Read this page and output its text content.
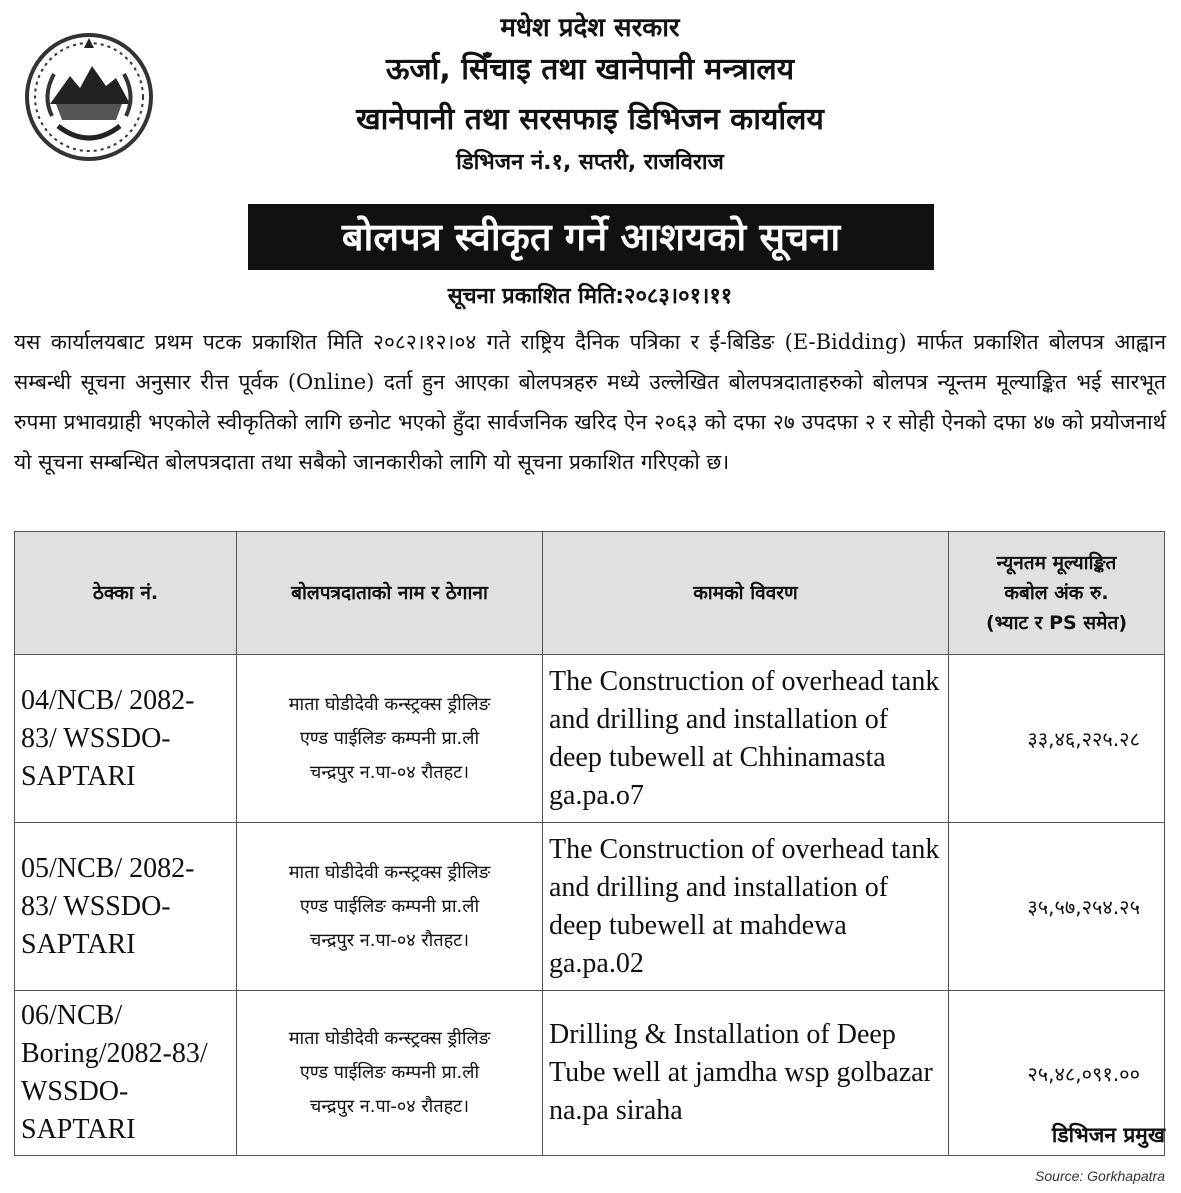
मधेश प्रदेश सरकार
ऊर्जा, सिँचाइ तथा खानेपानी मन्त्रालय
खानेपानी तथा सरसफाइ डिभिजन कार्यालय
डिभिजन नं.१, सप्तरी, राजविराज
बोलपत्र स्वीकृत गर्ने आशयको सूचना
सूचना प्रकाशित मिति:२०८३।०१।११

यस कार्यालयबाट प्रथम पटक प्रकाशित मिति २०८२।१२।०४ गते राष्ट्रिय दैनिक पत्रिका र ई-बिडिङ (E-Bidding) मार्फत प्रकाशित बोलपत्र आह्वान सम्बन्धी सूचना अनुसार रीत्त पूर्वक (Online) दर्ता हुन आएका बोलपत्रहरु मध्ये उल्लेखित बोलपत्रदाताहरुको बोलपत्र न्यून्तम मूल्याङ्कित भई सारभूत रुपमा प्रभावग्राही भएकोले स्वीकृतिको लागि छनोट भएको हुँदा सार्वजनिक खरिद ऐन २०६३ को दफा २७ उपदफा २ र सोही ऐनको दफा ४७ को प्रयोजनार्थ यो सूचना सम्बन्धित बोलपत्रदाता तथा सबैको जानकारीको लागि यो सूचना प्रकाशित गरिएको छ।

ठेक्का नं.	बोलपत्रदाताको नाम र ठेगाना	कामको विवरण	न्यूनतम मूल्याङ्कित
कबोल अंक रु.
(भ्याट र PS समेत)

04/NCB/ 2082-83/ WSSDO-SAPTARI	माता घोडीदेवी कन्स्ट्रक्स ड्रीलिङ
एण्ड पाईलिङ कम्पनी प्रा.ली
चन्द्रपुर न.पा-०४ रौतहट।	The Construction of overhead tank and drilling and installation of deep tubewell at Chhinamasta ga.pa.o7	३३,४६,२२५.२८
05/NCB/ 2082-83/ WSSDO-SAPTARI	माता घोडीदेवी कन्स्ट्रक्स ड्रीलिङ
एण्ड पाईलिङ कम्पनी प्रा.ली
चन्द्रपुर न.पा-०४ रौतहट।	The Construction of overhead tank and drilling and installation of deep tubewell at mahdewa ga.pa.02	३५,५७,२५४.२५
06/NCB/ Boring/2082-83/ WSSDO-SAPTARI	माता घोडीदेवी कन्स्ट्रक्स ड्रीलिङ
एण्ड पाईलिङ कम्पनी प्रा.ली
चन्द्रपुर न.पा-०४ रौतहट।	Drilling & Installation of Deep Tube well at jamdha wsp golbazar na.pa siraha	२५,४८,०९१.००
डिभिजन प्रमुख
Source: Gorkhapatra
